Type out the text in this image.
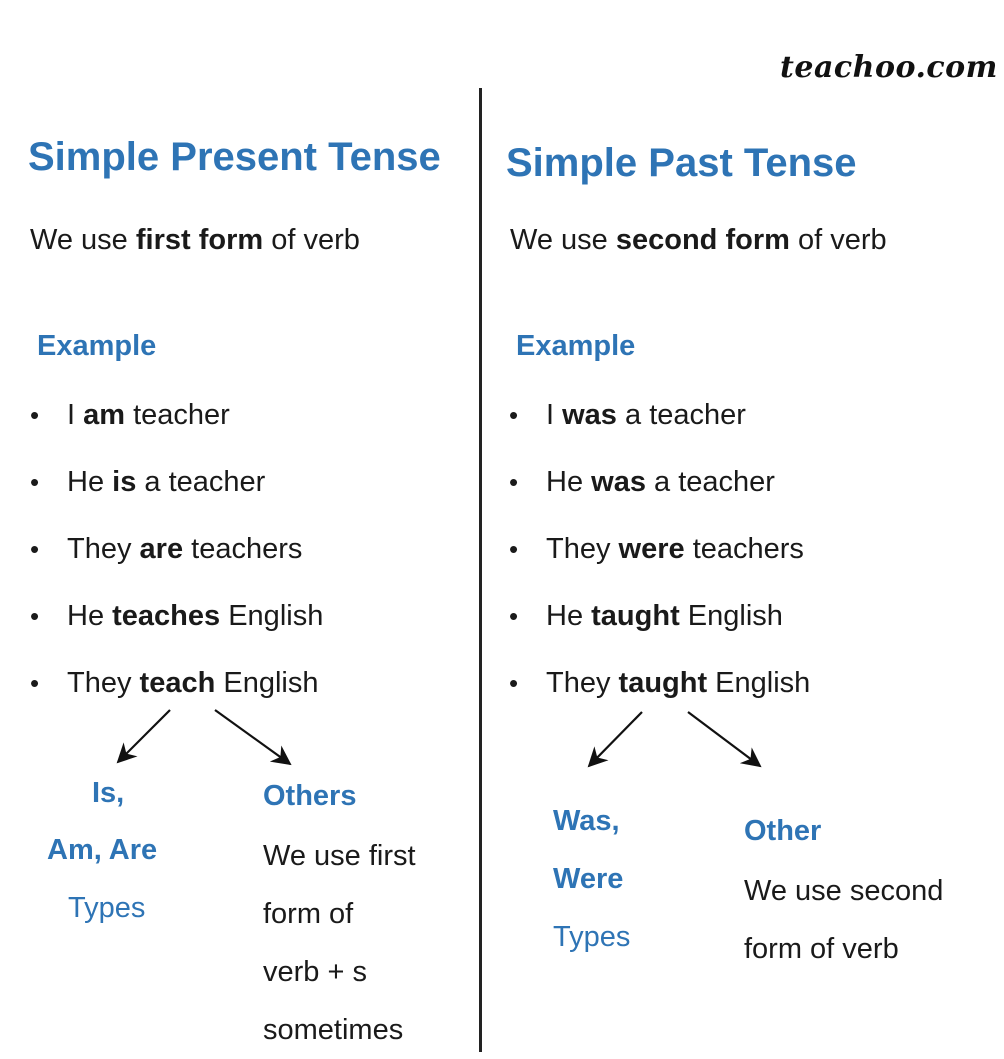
teachoo.com
Simple Present Tense
We use first form of verb
Example
• I am teacher
• He is a teacher
• They are teachers
• He teaches English
• They teach English
Is,
Am, Are
Types
Others
We use first
form of
verb + s
sometimes
Simple Past Tense
We use second form of verb
Example
• I was a teacher
• He was a teacher
• They were teachers
• He taught English
• They taught English
Was,
Were
Types
Other
We use second
form of verb
